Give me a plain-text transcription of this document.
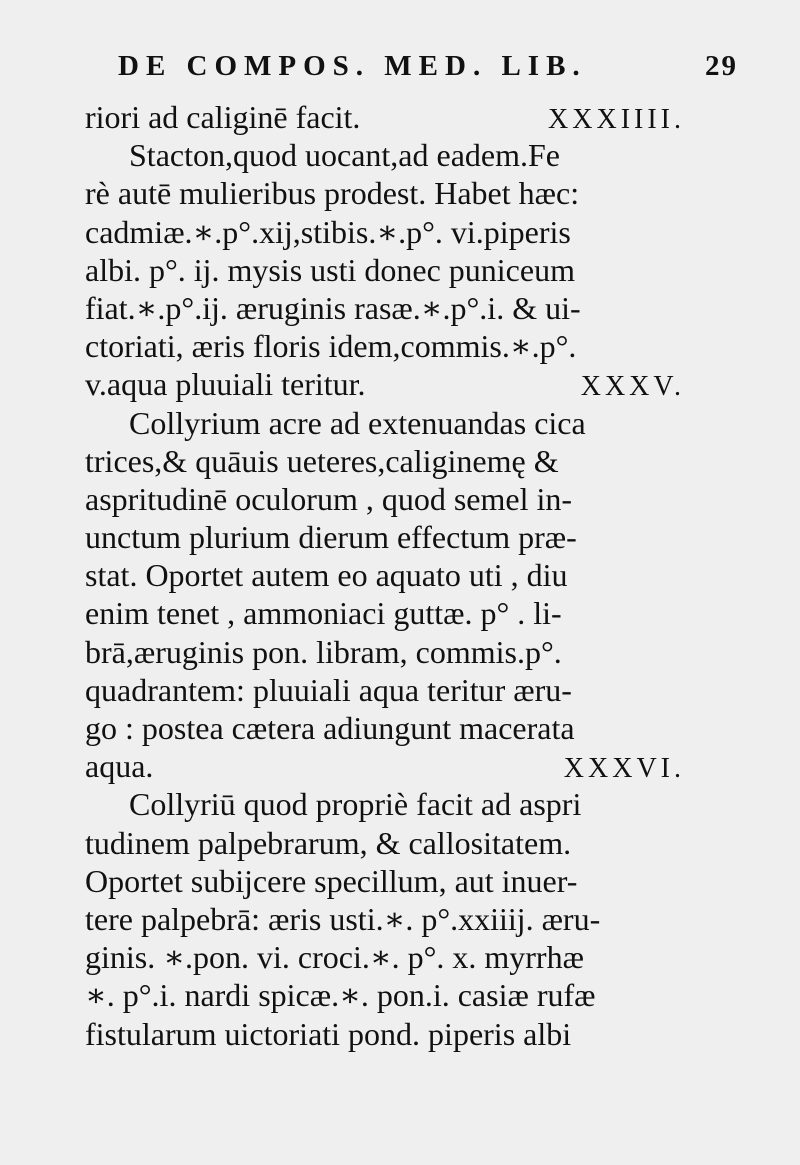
DE COMPOS. MED. LIB.	29
riori ad caliginē facit.	XXXIIII.
Stacton,quod uocant,ad eadem.Fe
rè autē mulieribus prodest. Habet hæc:
cadmiæ.∗.p°.xĳ,stibis.∗.p°. vi.piperis
albi. p°. ĳ. mysis usti donec puniceum
fiat.∗.p°.ĳ. æruginis rasæ.∗.p°.i. & ui-
ctoriati, æris floris idem,commis.∗.p°.
v.aqua pluuiali teritur.	XXXV.
Collyrium acre ad extenuandas cica
trices,& quāuis ueteres,caliginemę &
aspritudinē oculorum , quod semel in-
unctum plurium dierum effectum præ-
stat. Oportet autem eo aquato uti , diu
enim tenet , ammoniaci guttæ. p° . li-
brā,æruginis pon. libram, commis.p°.
quadrantem: pluuiali aqua teritur æru-
go : postea cætera adiungunt macerata
aqua.	XXXVI.
Collyriū quod propriè facit ad aspri
tudinem palpebrarum, & callositatem.
Oportet subĳcere specillum, aut inuer-
tere palpebrā: æris usti.∗. p°.xxiiĳ. æru-
ginis. ∗.pon. vi. croci.∗. p°. x. myrrhæ
∗. p°.i. nardi spicæ.∗. pon.i. casiæ rufæ
fistularum uictoriati pond. piperis albi
